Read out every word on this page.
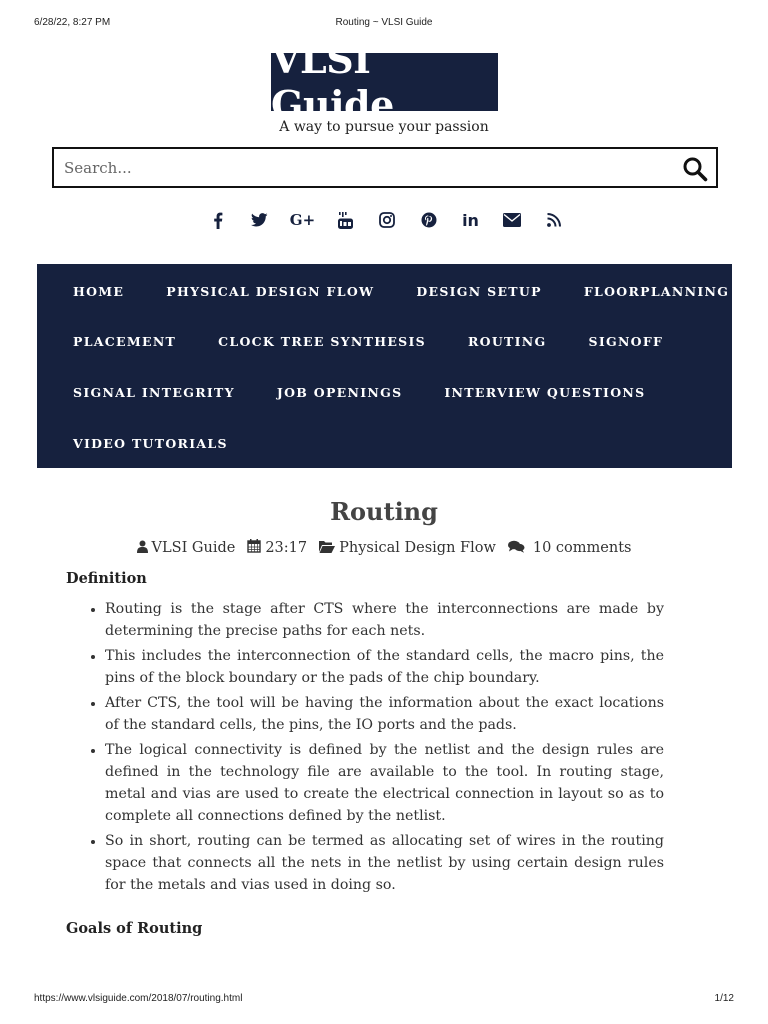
6/28/22, 8:27 PM	Routing ~ VLSI Guide
VLSI Guide
A way to pursue your passion
Search...
G+	in
HOME	PHYSICAL DESIGN FLOW	DESIGN SETUP	FLOORPLANNING
PLACEMENT	CLOCK TREE SYNTHESIS	ROUTING	SIGNOFF
SIGNAL INTEGRITY	JOB OPENINGS	INTERVIEW QUESTIONS
VIDEO TUTORIALS
Routing
VLSI Guide 23:17 Physical Design Flow	10 comments
Definition
• Routing is the stage after CTS where the interconnections are made by determining the precise paths for each nets.
• This includes the interconnection of the standard cells, the macro pins, the pins of the block boundary or the pads of the chip boundary.
• After CTS, the tool will be having the information about the exact locations of the standard cells, the pins, the IO ports and the pads.
• The logical connectivity is defined by the netlist and the design rules are defined in the technology file are available to the tool. In routing stage, metal and vias are used to create the electrical connection in layout so as to complete all connections defined by the netlist.
• So in short, routing can be termed as allocating set of wires in the routing space that connects all the nets in the netlist by using certain design rules for the metals and vias used in doing so.
Goals of Routing
https://www.vlsiguide.com/2018/07/routing.html	1/12
